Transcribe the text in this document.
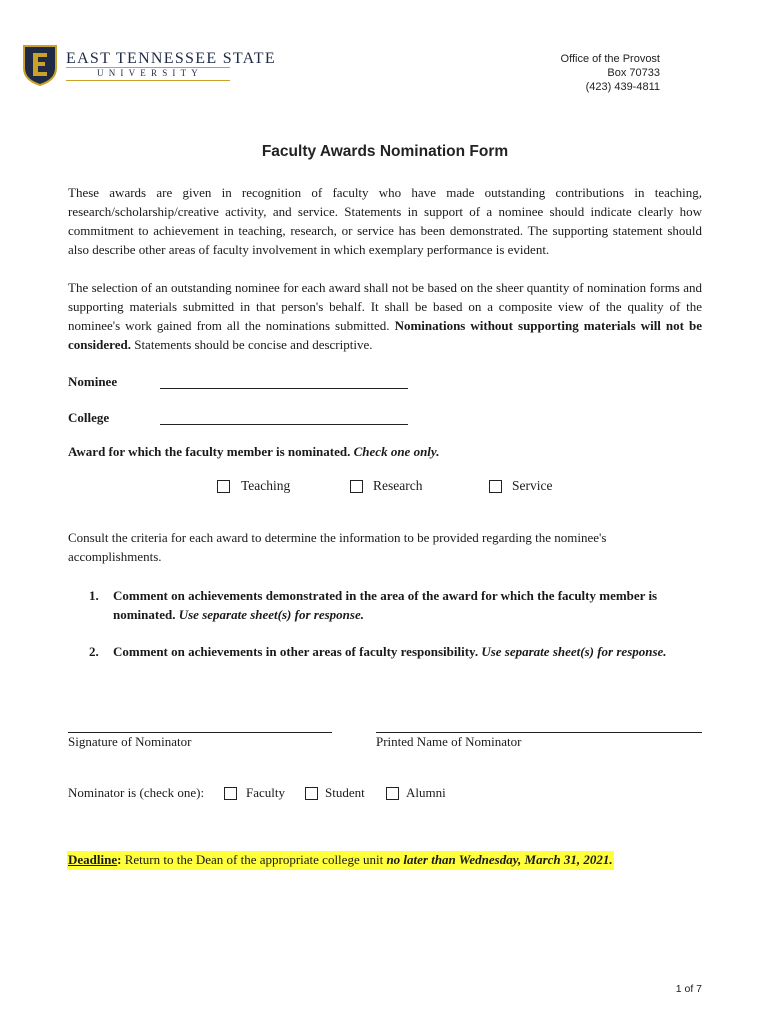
EAST TENNESSEE STATE
UNIVERSITY
Office of the Provost
Box 70733
(423) 439-4811
Faculty Awards Nomination Form
These awards are given in recognition of faculty who have made outstanding contributions in teaching, research/scholarship/creative activity, and service. Statements in support of a nominee should indicate clearly how commitment to achievement in teaching, research, or service has been demonstrated. The supporting statement should also describe other areas of faculty involvement in which exemplary performance is evident.
The selection of an outstanding nominee for each award shall not be based on the sheer quantity of nomination forms and supporting materials submitted in that person's behalf. It shall be based on a composite view of the quality of the nominee's work gained from all the nominations submitted. Nominations without supporting materials will not be considered. Statements should be concise and descriptive.
Nominee
College
Award for which the faculty member is nominated. Check one only.
Teaching	Research	Service
Consult the criteria for each award to determine the information to be provided regarding the nominee's accomplishments.
1. Comment on achievements demonstrated in the area of the award for which the faculty member is nominated. Use separate sheet(s) for response.
2. Comment on achievements in other areas of faculty responsibility. Use separate sheet(s) for response.
Signature of Nominator	Printed Name of Nominator
Nominator is (check one):	Faculty	Student	Alumni
Deadline: Return to the Dean of the appropriate college unit no later than Wednesday, March 31, 2021.
1 of 7
